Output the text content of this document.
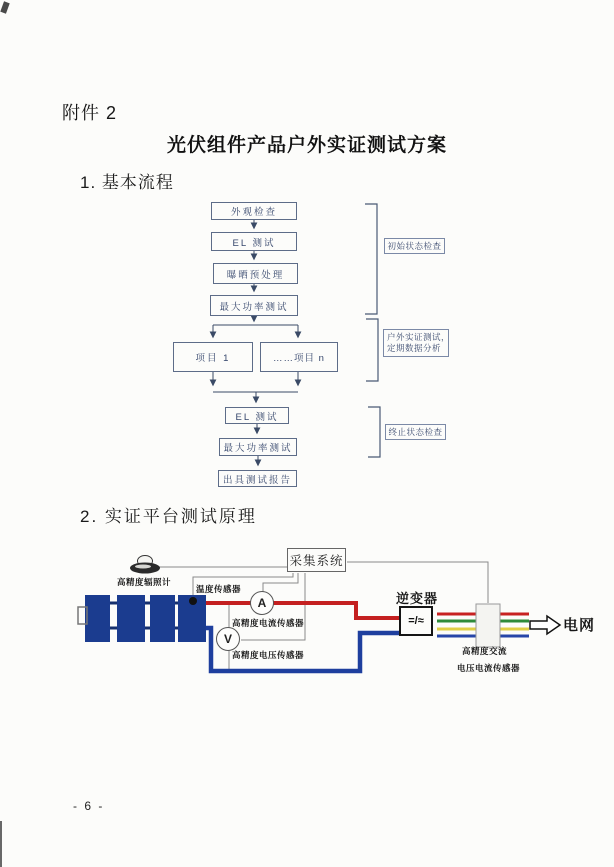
附件 2
光伏组件产品户外实证测试方案
1. 基本流程
2. 实证平台测试原理
- 6 -
外观检查
EL 测试
曝晒预处理
最大功率测试
项目 1	……项目 n
EL 测试
最大功率测试
出具测试报告
初始状态检查
户外实证测试，
定期数据分析
终止状态检查
采集系统
高精度辐照计
温度传感器
A
高精度电流传感器
V
高精度电压传感器
逆变器
=/≈
高精度交流
电压电流传感器
电网
